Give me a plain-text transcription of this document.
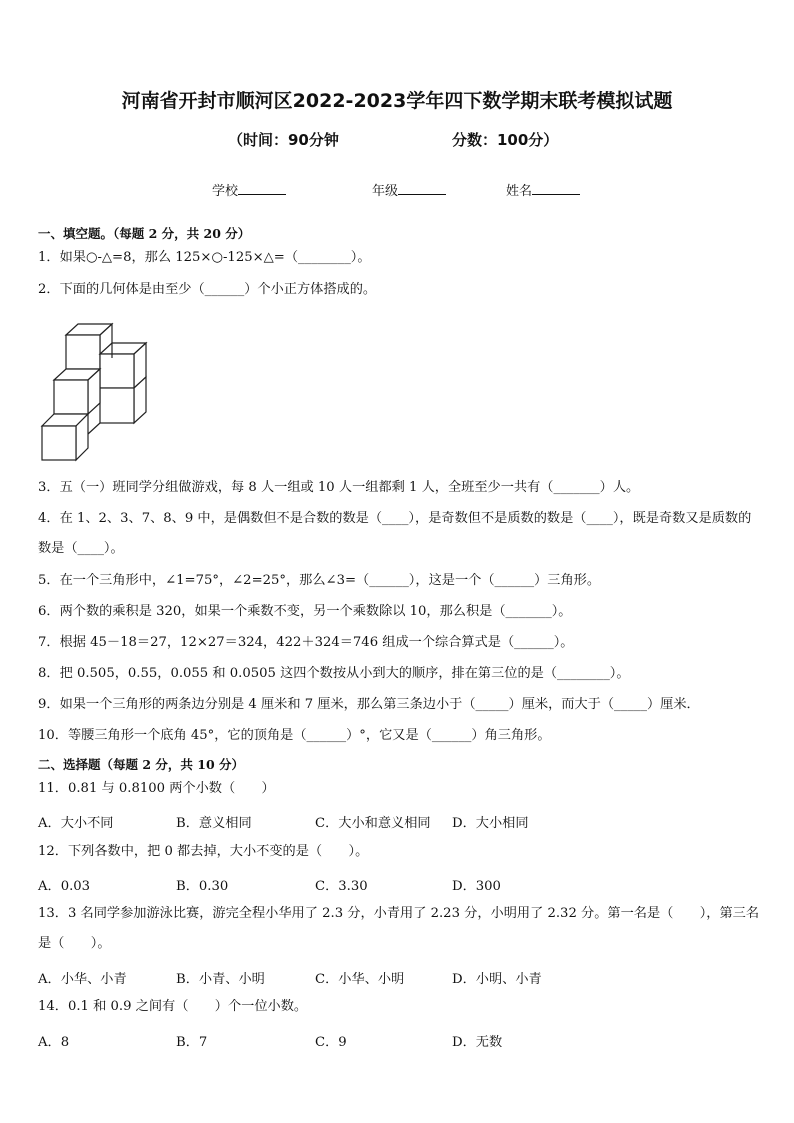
河南省开封市顺河区2022-2023学年四下数学期末联考模拟试题
（时间：90分钟	分数：100分）
学校	年级	姓名
一、填空题。（每题 2 分，共 20 分）
1．如果○-△=8，那么 125×○-125×△=（________）。
2．下面的几何体是由至少（______）个小正方体搭成的。
3．五（一）班同学分组做游戏，每 8 人一组或 10 人一组都剩 1 人，全班至少一共有（_______）人。
4．在 1、2、3、7、8、9 中，是偶数但不是合数的数是（____），是奇数但不是质数的数是（____），既是奇数又是质数的数是（____）。
5．在一个三角形中，∠1=75°，∠2=25°，那么∠3=（______），这是一个（______）三角形。
6．两个数的乘积是 320，如果一个乘数不变，另一个乘数除以 10，那么积是（_______）。
7．根据 45－18＝27，12×27＝324，422＋324＝746 组成一个综合算式是（______）。
8．把 0.505，0.55，0.055 和 0.0505 这四个数按从小到大的顺序，排在第三位的是（________）。
9．如果一个三角形的两条边分别是 4 厘米和 7 厘米，那么第三条边小于（_____）厘米，而大于（_____）厘米．
10．等腰三角形一个底角 45°，它的顶角是（______）°，它又是（______）角三角形。
二、选择题（每题 2 分，共 10 分）
11．0.81 与 0.8100 两个小数（　　）
A．大小不同	B．意义相同	C．大小和意义相同 D．大小相同
12．下列各数中，把 0 都去掉，大小不变的是（　　）。
A．0.03	B．0.30	C．3.30	D．300
13．3 名同学参加游泳比赛，游完全程小华用了 2.3 分，小青用了 2.23 分，小明用了 2.32 分。第一名是（　　），第三名是（　　）。
A．小华、小青	B．小青、小明	C．小华、小明	D．小明、小青
14．0.1 和 0.9 之间有（　　）个一位小数。
A．8	B．7	C．9	D．无数
